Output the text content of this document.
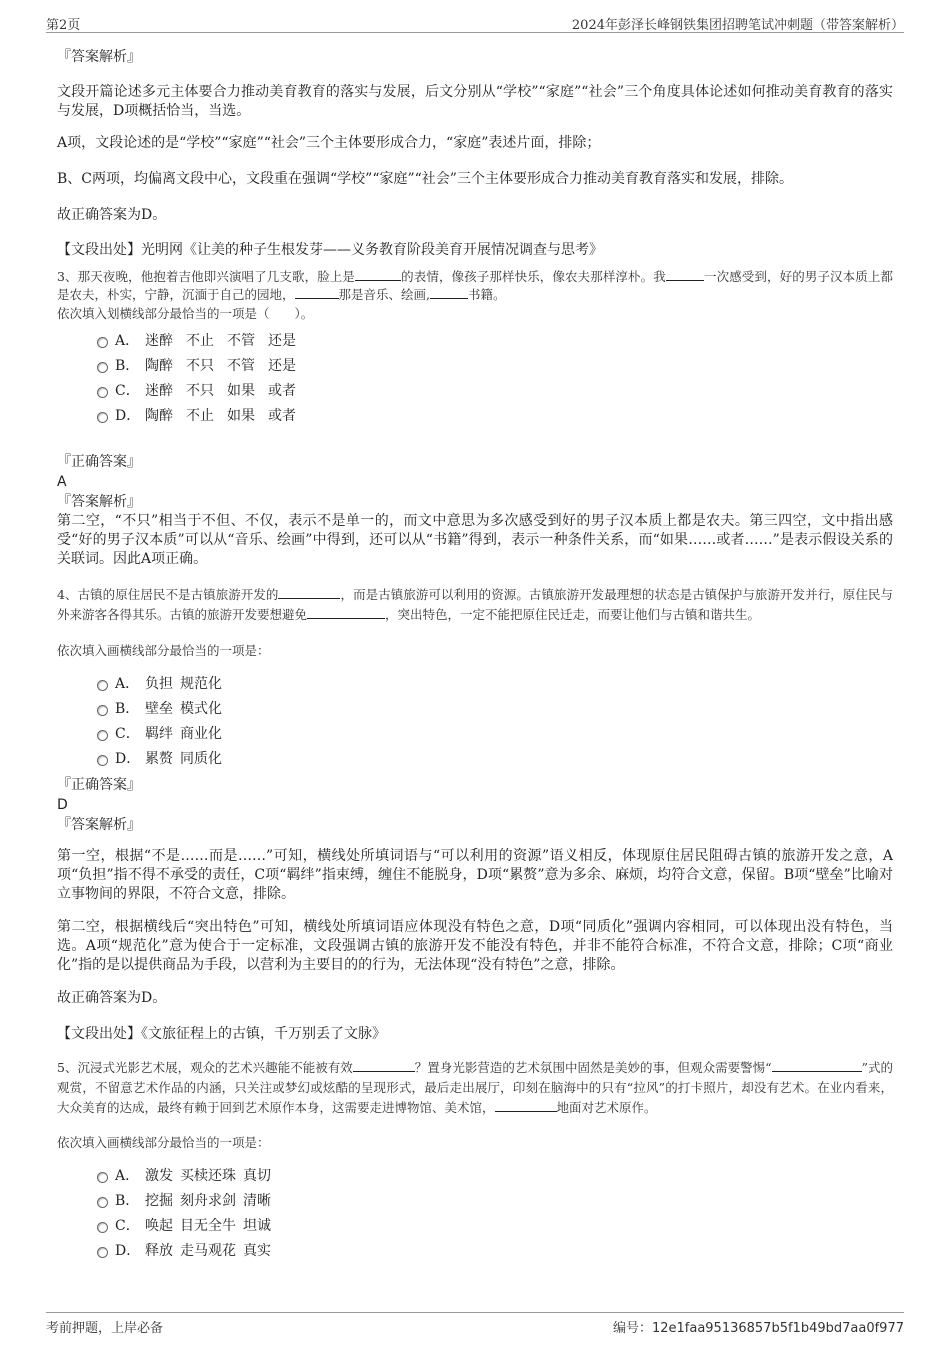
第2页	2024年彭泽长峰钢铁集团招聘笔试冲刺题（带答案解析）

『答案解析』

文段开篇论述多元主体要合力推动美育教育的落实与发展，后文分别从“学校”“家庭”“社会”三个角度具体论述如何推动美育教育的落实与发展，D项概括恰当，当选。

A项，文段论述的是“学校”“家庭”“社会”三个主体要形成合力，“家庭”表述片面，排除；

B、C两项，均偏离文段中心，文段重在强调“学校”“家庭”“社会”三个主体要形成合力推动美育教育落实和发展，排除。

故正确答案为D。

【文段出处】光明网《让美的种子生根发芽——义务教育阶段美育开展情况调查与思考》

3、那天夜晚，他抱着吉他即兴演唱了几支歌，脸上是	的表情，像孩子那样快乐，像农夫那样淳朴。我	一次感受到，好的男子汉本质上都是农夫，朴实，宁静，沉湎于自己的园地，	那是音乐、绘画,	书籍。

依次填入划横线部分最恰当的一项是（　　）。

A． 迷醉 不止 不管 还是
B． 陶醉 不只 不管 还是
C． 迷醉 不只 如果 或者
D． 陶醉 不止 如果 或者

『正确答案』

A

『答案解析』

第二空，“不只”相当于不但、不仅，表示不是单一的，而文中意思为多次感受到好的男子汉本质上都是农夫。第三四空，文中指出感受“好的男子汉本质”可以从“音乐、绘画”中得到，还可以从“书籍”得到，表示一种条件关系，而“如果……或者……”是表示假设关系的关联词。因此A项正确。

4、古镇的原住居民不是古镇旅游开发的	，而是古镇旅游可以利用的资源。古镇旅游开发最理想的状态是古镇保护与旅游开发并行，原住民与外来游客各得其乐。古镇的旅游开发要想避免	，突出特色，一定不能把原住民迁走，而要让他们与古镇和谐共生。

依次填入画横线部分最恰当的一项是：

A． 负担 规范化
B． 壁垒 模式化
C． 羁绊 商业化
D． 累赘 同质化

『正确答案』

D

『答案解析』

第一空，根据“不是……而是……”可知，横线处所填词语与“可以利用的资源”语义相反，体现原住居民阻碍古镇的旅游开发之意，A项“负担”指不得不承受的责任，C项“羁绊”指束缚，缠住不能脱身，D项“累赘”意为多余、麻烦，均符合文意，保留。B项“壁垒”比喻对立事物间的界限，不符合文意，排除。

第二空，根据横线后“突出特色”可知，横线处所填词语应体现没有特色之意，D项“同质化”强调内容相同，可以体现出没有特色，当选。A项“规范化”意为使合于一定标准，文段强调古镇的旅游开发不能没有特色，并非不能符合标准，不符合文意，排除；C项“商业化”指的是以提供商品为手段，以营利为主要目的的行为，无法体现“没有特色”之意，排除。

故正确答案为D。

【文段出处】《文旅征程上的古镇，千万别丢了文脉》

5、沉浸式光影艺术展，观众的艺术兴趣能不能被有效	？置身光影营造的艺术氛围中固然是美妙的事，但观众需要警惕“	”式的观赏，不留意艺术作品的内涵，只关注或梦幻或炫酷的呈现形式，最后走出展厅，印刻在脑海中的只有“拉风”的打卡照片，却没有艺术。在业内看来，大众美育的达成，最终有赖于回到艺术原作本身，这需要走进博物馆、美术馆，	地面对艺术原作。

依次填入画横线部分最恰当的一项是：

A． 激发 买椟还珠 真切
B． 挖掘 刻舟求剑 清晰
C． 唤起 目无全牛 坦诚
D． 释放 走马观花 真实
考前押题，上岸必备	编号：12e1faa95136857b5f1b49bd7aa0f977
